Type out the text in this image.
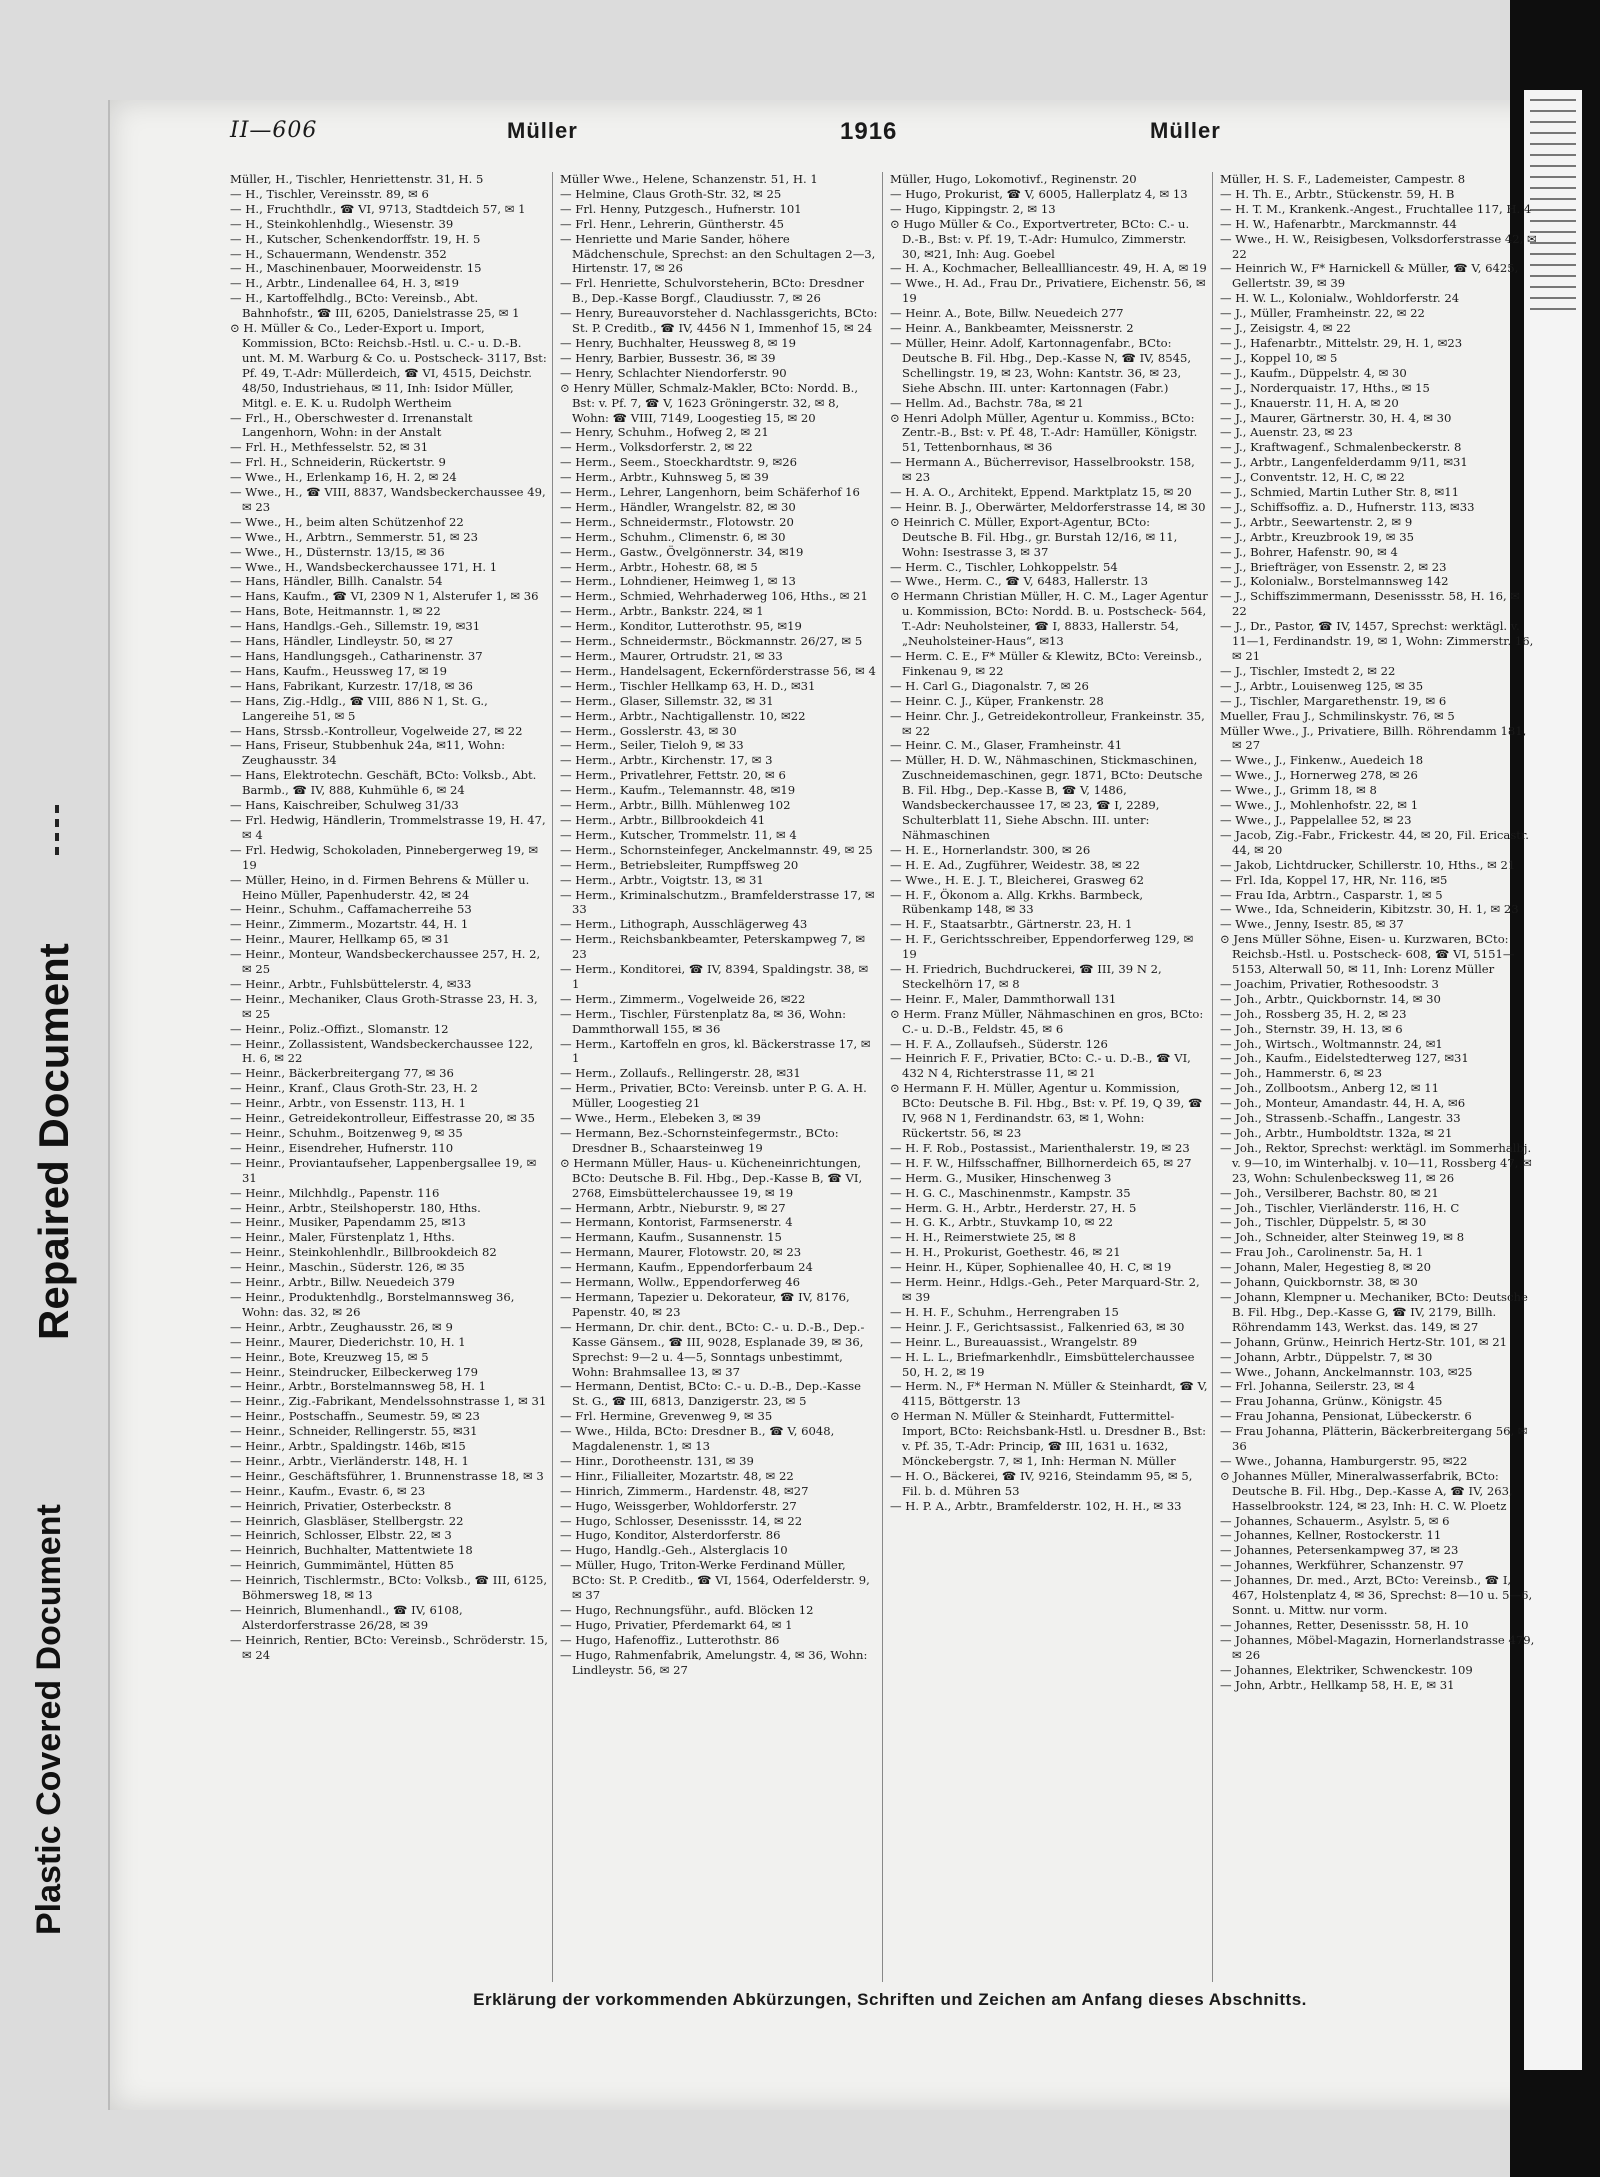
Repaired Document

Plastic Covered Document

II—606	Müller	1916	Müller

Müller, H., Tischler, Henriettenstr. 31, H. 5

— H., Tischler, Vereinsstr. 89, ✉ 6

— H., Fruchthdlr., ☎ VI, 9713, Stadtdeich 57, ✉ 1

— H., Steinkohlenhdlg., Wiesenstr. 39

— H., Kutscher, Schenkendorffstr. 19, H. 5

— H., Schauermann, Wendenstr. 352

— H., Maschinenbauer, Moorweidenstr. 15

— H., Arbtr., Lindenallee 64, H. 3, ✉19

— H., Kartoffelhdlg., BCto: Vereinsb., Abt. Bahnhofstr., ☎ III, 6205, Danielstrasse 25, ✉ 1

⊙ H. Müller & Co., Leder-Export u. Import, Kommission, BCto: Reichsb.-Hstl. u. C.- u. D.-B. unt. M. M. Warburg & Co. u. Postscheck- 3117, Bst: Pf. 49, T.-Adr: Müllerdeich, ☎ VI, 4515, Deichstr. 48/50, Industriehaus, ✉ 11, Inh: Isidor Müller, Mitgl. e. E. K. u. Rudolph Wertheim

— Frl., H., Oberschwester d. Irrenanstalt Langenhorn, Wohn: in der Anstalt

— Frl. H., Methfesselstr. 52, ✉ 31

— Frl. H., Schneiderin, Rückertstr. 9

— Wwe., H., Erlenkamp 16, H. 2, ✉ 24

— Wwe., H., ☎ VIII, 8837, Wandsbeckerchaussee 49, ✉ 23

— Wwe., H., beim alten Schützenhof 22

— Wwe., H., Arbtrn., Semmerstr. 51, ✉ 23

— Wwe., H., Düsternstr. 13/15, ✉ 36

— Wwe., H., Wandsbeckerchaussee 171, H. 1

— Hans, Händler, Billh. Canalstr. 54

— Hans, Kaufm., ☎ VI, 2309 N 1, Alsterufer 1, ✉ 36

— Hans, Bote, Heitmannstr. 1, ✉ 22

— Hans, Handlgs.-Geh., Sillemstr. 19, ✉31

— Hans, Händler, Lindleystr. 50, ✉ 27

— Hans, Handlungsgeh., Catharinenstr. 37

— Hans, Kaufm., Heussweg 17, ✉ 19

— Hans, Fabrikant, Kurzestr. 17/18, ✉ 36

— Hans, Zig.-Hdlg., ☎ VIII, 886 N 1, St. G., Langereihe 51, ✉ 5

— Hans, Strssb.-Kontrolleur, Vogelweide 27, ✉ 22

— Hans, Friseur, Stubbenhuk 24a, ✉11, Wohn: Zeughausstr. 34

— Hans, Elektrotechn. Geschäft, BCto: Volksb., Abt. Barmb., ☎ IV, 888, Kuhmühle 6, ✉ 24

— Hans, Kaischreiber, Schulweg 31/33

— Frl. Hedwig, Händlerin, Trommelstrasse 19, H. 47, ✉ 4

— Frl. Hedwig, Schokoladen, Pinnebergerweg 19, ✉ 19

— Müller, Heino, in d. Firmen Behrens & Müller u. Heino Müller, Papenhuderstr. 42, ✉ 24

— Heinr., Schuhm., Caffamacherreihe 53

— Heinr., Zimmerm., Mozartstr. 44, H. 1

— Heinr., Maurer, Hellkamp 65, ✉ 31

— Heinr., Monteur, Wandsbeckerchaussee 257, H. 2, ✉ 25

— Heinr., Arbtr., Fuhlsbüttelerstr. 4, ✉33

— Heinr., Mechaniker, Claus Groth-Strasse 23, H. 3, ✉ 25

— Heinr., Poliz.-Offizt., Slomanstr. 12

— Heinr., Zollassistent, Wandsbeckerchaussee 122, H. 6, ✉ 22

— Heinr., Bäckerbreitergang 77, ✉ 36

— Heinr., Kranf., Claus Groth-Str. 23, H. 2

— Heinr., Arbtr., von Essenstr. 113, H. 1

— Heinr., Getreidekontrolleur, Eiffestrasse 20, ✉ 35

— Heinr., Schuhm., Boitzenweg 9, ✉ 35

— Heinr., Eisendreher, Hufnerstr. 110

— Heinr., Proviantaufseher, Lappenbergsallee 19, ✉ 31

— Heinr., Milchhdlg., Papenstr. 116

— Heinr., Arbtr., Steilshoperstr. 180, Hths.

— Heinr., Musiker, Papendamm 25, ✉13

— Heinr., Maler, Fürstenplatz 1, Hths.

— Heinr., Steinkohlenhdlr., Billbrookdeich 82

— Heinr., Maschin., Süderstr. 126, ✉ 35

— Heinr., Arbtr., Billw. Neuedeich 379

— Heinr., Produktenhdlg., Borstelmannsweg 36, Wohn: das. 32, ✉ 26

— Heinr., Arbtr., Zeughausstr. 26, ✉ 9

— Heinr., Maurer, Diederichstr. 10, H. 1

— Heinr., Bote, Kreuzweg 15, ✉ 5

— Heinr., Steindrucker, Eilbeckerweg 179

— Heinr., Arbtr., Borstelmannsweg 58, H. 1

— Heinr., Zig.-Fabrikant, Mendelssohnstrasse 1, ✉ 31

— Heinr., Postschaffn., Seumestr. 59, ✉ 23

— Heinr., Schneider, Rellingerstr. 55, ✉31

— Heinr., Arbtr., Spaldingstr. 146b, ✉15

— Heinr., Arbtr., Vierländerstr. 148, H. 1

— Heinr., Geschäftsführer, 1. Brunnenstrasse 18, ✉ 3

— Heinr., Kaufm., Evastr. 6, ✉ 23

— Heinrich, Privatier, Osterbeckstr. 8

— Heinrich, Glasbläser, Stellbergstr. 22

— Heinrich, Schlosser, Elbstr. 22, ✉ 3

— Heinrich, Buchhalter, Mattentwiete 18

— Heinrich, Gummimäntel, Hütten 85

— Heinrich, Tischlermstr., BCto: Volksb., ☎ III, 6125, Böhmersweg 18, ✉ 13

— Heinrich, Blumenhandl., ☎ IV, 6108, Alsterdorferstrasse 26/28, ✉ 39

— Heinrich, Rentier, BCto: Vereinsb., Schröderstr. 15, ✉ 24

Müller Wwe., Helene, Schanzenstr. 51, H. 1

— Helmine, Claus Groth-Str. 32, ✉ 25

— Frl. Henny, Putzgesch., Hufnerstr. 101

— Frl. Henr., Lehrerin, Güntherstr. 45

— Henriette und Marie Sander, höhere Mädchenschule, Sprechst: an den Schultagen 2—3, Hirtenstr. 17, ✉ 26

— Frl. Henriette, Schulvorsteherin, BCto: Dresdner B., Dep.-Kasse Borgf., Claudiusstr. 7, ✉ 26

— Henry, Bureauvorsteher d. Nachlassgerichts, BCto: St. P. Creditb., ☎ IV, 4456 N 1, Immenhof 15, ✉ 24

— Henry, Buchhalter, Heussweg 8, ✉ 19

— Henry, Barbier, Bussestr. 36, ✉ 39

— Henry, Schlachter Niendorferstr. 90

⊙ Henry Müller, Schmalz-Makler, BCto: Nordd. B., Bst: v. Pf. 7, ☎ V, 1623 Gröningerstr. 32, ✉ 8, Wohn: ☎ VIII, 7149, Loogestieg 15, ✉ 20

— Henry, Schuhm., Hofweg 2, ✉ 21

— Herm., Volksdorferstr. 2, ✉ 22

— Herm., Seem., Stoeckhardtstr. 9, ✉26

— Herm., Arbtr., Kuhnsweg 5, ✉ 39

— Herm., Lehrer, Langenhorn, beim Schäferhof 16

— Herm., Händler, Wrangelstr. 82, ✉ 30

— Herm., Schneidermstr., Flotowstr. 20

— Herm., Schuhm., Climenstr. 6, ✉ 30

— Herm., Gastw., Övelgönnerstr. 34, ✉19

— Herm., Arbtr., Hohestr. 68, ✉ 5

— Herm., Lohndiener, Heimweg 1, ✉ 13

— Herm., Schmied, Wehrhaderweg 106, Hths., ✉ 21

— Herm., Arbtr., Bankstr. 224, ✉ 1

— Herm., Konditor, Lutterothstr. 95, ✉19

— Herm., Schneidermstr., Böckmannstr. 26/27, ✉ 5

— Herm., Maurer, Ortrudstr. 21, ✉ 33

— Herm., Handelsagent, Eckernförderstrasse 56, ✉ 4

— Herm., Tischler Hellkamp 63, H. D., ✉31

— Herm., Glaser, Sillemstr. 32, ✉ 31

— Herm., Arbtr., Nachtigallenstr. 10, ✉22

— Herm., Gosslerstr. 43, ✉ 30

— Herm., Seiler, Tieloh 9, ✉ 33

— Herm., Arbtr., Kirchenstr. 17, ✉ 3

— Herm., Privatlehrer, Fettstr. 20, ✉ 6

— Herm., Kaufm., Telemannstr. 48, ✉19

— Herm., Arbtr., Billh. Mühlenweg 102

— Herm., Arbtr., Billbrookdeich 41

— Herm., Kutscher, Trommelstr. 11, ✉ 4

— Herm., Schornsteinfeger, Anckelmannstr. 49, ✉ 25

— Herm., Betriebsleiter, Rumpffsweg 20

— Herm., Arbtr., Voigtstr. 13, ✉ 31

— Herm., Kriminalschutzm., Bramfelderstrasse 17, ✉ 33

— Herm., Lithograph, Ausschlägerweg 43

— Herm., Reichsbankbeamter, Peterskampweg 7, ✉ 23

— Herm., Konditorei, ☎ IV, 8394, Spaldingstr. 38, ✉ 1

— Herm., Zimmerm., Vogelweide 26, ✉22

— Herm., Tischler, Fürstenplatz 8a, ✉ 36, Wohn: Dammthorwall 155, ✉ 36

— Herm., Kartoffeln en gros, kl. Bäckerstrasse 17, ✉ 1

— Herm., Zollaufs., Rellingerstr. 28, ✉31

— Herm., Privatier, BCto: Vereinsb. unter P. G. A. H. Müller, Loogestieg 21

— Wwe., Herm., Elebeken 3, ✉ 39

— Hermann, Bez.-Schornsteinfegermstr., BCto: Dresdner B., Schaarsteinweg 19

⊙ Hermann Müller, Haus- u. Kücheneinrichtungen, BCto: Deutsche B. Fil. Hbg., Dep.-Kasse B, ☎ VI, 2768, Eimsbüttelerchaussee 19, ✉ 19

— Hermann, Arbtr., Nieburstr. 9, ✉ 27

— Hermann, Kontorist, Farmsenerstr. 4

— Hermann, Kaufm., Susannenstr. 15

— Hermann, Maurer, Flotowstr. 20, ✉ 23

— Hermann, Kaufm., Eppendorferbaum 24

— Hermann, Wollw., Eppendorferweg 46

— Hermann, Tapezier u. Dekorateur, ☎ IV, 8176, Papenstr. 40, ✉ 23

— Hermann, Dr. chir. dent., BCto: C.- u. D.-B., Dep.-Kasse Gänsem., ☎ III, 9028, Esplanade 39, ✉ 36, Sprechst: 9—2 u. 4—5, Sonntags unbestimmt, Wohn: Brahmsallee 13, ✉ 37

— Hermann, Dentist, BCto: C.- u. D.-B., Dep.-Kasse St. G., ☎ III, 6813, Danzigerstr. 23, ✉ 5

— Frl. Hermine, Grevenweg 9, ✉ 35

— Wwe., Hilda, BCto: Dresdner B., ☎ V, 6048, Magdalenenstr. 1, ✉ 13

— Hinr., Dorotheenstr. 131, ✉ 39

— Hinr., Filialleiter, Mozartstr. 48, ✉ 22

— Hinrich, Zimmerm., Hardenstr. 48, ✉27

— Hugo, Weissgerber, Wohldorferstr. 27

— Hugo, Schlosser, Desenissstr. 14, ✉ 22

— Hugo, Konditor, Alsterdorferstr. 86

— Hugo, Handlg.-Geh., Alsterglacis 10

— Müller, Hugo, Triton-Werke Ferdinand Müller, BCto: St. P. Creditb., ☎ VI, 1564, Oderfelderstr. 9, ✉ 37

— Hugo, Rechnungsführ., aufd. Blöcken 12

— Hugo, Privatier, Pferdemarkt 64, ✉ 1

— Hugo, Hafenoffiz., Lutterothstr. 86

— Hugo, Rahmenfabrik, Amelungstr. 4, ✉ 36, Wohn: Lindleystr. 56, ✉ 27

Müller, Hugo, Lokomotivf., Reginenstr. 20

— Hugo, Prokurist, ☎ V, 6005, Hallerplatz 4, ✉ 13

— Hugo, Kippingstr. 2, ✉ 13

⊙ Hugo Müller & Co., Exportvertreter, BCto: C.- u. D.-B., Bst: v. Pf. 19, T.-Adr: Humulco, Zimmerstr. 30, ✉21, Inh: Aug. Goebel

— H. A., Kochmacher, Belleallliancestr. 49, H. A, ✉ 19

— Wwe., H. Ad., Frau Dr., Privatiere, Eichenstr. 56, ✉ 19

— Heinr. A., Bote, Billw. Neuedeich 277

— Heinr. A., Bankbeamter, Meissnerstr. 2

— Müller, Heinr. Adolf, Kartonnagenfabr., BCto: Deutsche B. Fil. Hbg., Dep.-Kasse N, ☎ IV, 8545, Schellingstr. 19, ✉ 23, Wohn: Kantstr. 36, ✉ 23, Siehe Abschn. III. unter: Kartonnagen (Fabr.)

— Hellm. Ad., Bachstr. 78a, ✉ 21

⊙ Henri Adolph Müller, Agentur u. Kommiss., BCto: Zentr.-B., Bst: v. Pf. 48, T.-Adr: Hamüller, Königstr. 51, Tettenbornhaus, ✉ 36

— Hermann A., Bücherrevisor, Hasselbrookstr. 158, ✉ 23

— H. A. O., Architekt, Eppend. Marktplatz 15, ✉ 20

— Heinr. B. J., Oberwärter, Meldorferstrasse 14, ✉ 30

⊙ Heinrich C. Müller, Export-Agentur, BCto: Deutsche B. Fil. Hbg., gr. Burstah 12/16, ✉ 11, Wohn: Isestrasse 3, ✉ 37

— Herm. C., Tischler, Lohkoppelstr. 54

— Wwe., Herm. C., ☎ V, 6483, Hallerstr. 13

⊙ Hermann Christian Müller, H. C. M., Lager Agentur u. Kommission, BCto: Nordd. B. u. Postscheck- 564, T.-Adr: Neuholsteiner, ☎ I, 8833, Hallerstr. 54, „Neuholsteiner-Haus“, ✉13

— Herm. C. E., F* Müller & Klewitz, BCto: Vereinsb., Finkenau 9, ✉ 22

— H. Carl G., Diagonalstr. 7, ✉ 26

— Heinr. C. J., Küper, Frankenstr. 28

— Heinr. Chr. J., Getreidekontrolleur, Frankeinstr. 35, ✉ 22

— Heinr. C. M., Glaser, Framheinstr. 41

— Müller, H. D. W., Nähmaschinen, Stickmaschinen, Zuschneidemaschinen, gegr. 1871, BCto: Deutsche B. Fil. Hbg., Dep.-Kasse B, ☎ V, 1486, Wandsbeckerchaussee 17, ✉ 23, ☎ I, 2289, Schulterblatt 11, Siehe Abschn. III. unter: Nähmaschinen

— H. E., Hornerlandstr. 300, ✉ 26

— H. E. Ad., Zugführer, Weidestr. 38, ✉ 22

— Wwe., H. E. J. T., Bleicherei, Grasweg 62

— H. F., Ökonom a. Allg. Krkhs. Barmbeck, Rübenkamp 148, ✉ 33

— H. F., Staatsarbtr., Gärtnerstr. 23, H. 1

— H. F., Gerichtsschreiber, Eppendorferweg 129, ✉ 19

— H. Friedrich, Buchdruckerei, ☎ III, 39 N 2, Steckelhörn 17, ✉ 8

— Heinr. F., Maler, Dammthorwall 131

⊙ Herm. Franz Müller, Nähmaschinen en gros, BCto: C.- u. D.-B., Feldstr. 45, ✉ 6

— H. F. A., Zollaufseh., Süderstr. 126

— Heinrich F. F., Privatier, BCto: C.- u. D.-B., ☎ VI, 432 N 4, Richterstrasse 11, ✉ 21

⊙ Hermann F. H. Müller, Agentur u. Kommission, BCto: Deutsche B. Fil. Hbg., Bst: v. Pf. 19, Q 39, ☎ IV, 968 N 1, Ferdinandstr. 63, ✉ 1, Wohn: Rückertstr. 56, ✉ 23

— H. F. Rob., Postassist., Marienthalerstr. 19, ✉ 23

— H. F. W., Hilfsschaffner, Billhornerdeich 65, ✉ 27

— Herm. G., Musiker, Hinschenweg 3

— H. G. C., Maschinenmstr., Kampstr. 35

— Herm. G. H., Arbtr., Herderstr. 27, H. 5

— H. G. K., Arbtr., Stuvkamp 10, ✉ 22

— H. H., Reimerstwiete 25, ✉ 8

— H. H., Prokurist, Goethestr. 46, ✉ 21

— Heinr. H., Küper, Sophienallee 40, H. C, ✉ 19

— Herm. Heinr., Hdlgs.-Geh., Peter Marquard-Str. 2, ✉ 39

— H. H. F., Schuhm., Herrengraben 15

— Heinr. J. F., Gerichtsassist., Falkenried 63, ✉ 30

— Heinr. L., Bureauassist., Wrangelstr. 89

— H. L. L., Briefmarkenhdlr., Eimsbüttelerchaussee 50, H. 2, ✉ 19

— Herm. N., F* Herman N. Müller & Steinhardt, ☎ V, 4115, Böttgerstr. 13

⊙ Herman N. Müller & Steinhardt, Futtermittel-Import, BCto: Reichsbank-Hstl. u. Dresdner B., Bst: v. Pf. 35, T.-Adr: Princip, ☎ III, 1631 u. 1632, Mönckebergstr. 7, ✉ 1, Inh: Herman N. Müller

— H. O., Bäckerei, ☎ IV, 9216, Steindamm 95, ✉ 5, Fil. b. d. Mühren 53

— H. P. A., Arbtr., Bramfelderstr. 102, H. H., ✉ 33

Müller, H. S. F., Lademeister, Campestr. 8

— H. Th. E., Arbtr., Stückenstr. 59, H. B

— H. T. M., Krankenk.-Angest., Fruchtallee 117, H. 4

— H. W., Hafenarbtr., Marckmannstr. 44

— Wwe., H. W., Reisigbesen, Volksdorferstrasse 42, ✉ 22

— Heinrich W., F* Harnickell & Müller, ☎ V, 6425, Gellertstr. 39, ✉ 39

— H. W. L., Kolonialw., Wohldorferstr. 24

— J., Müller, Framheinstr. 22, ✉ 22

— J., Zeisigstr. 4, ✉ 22

— J., Hafenarbtr., Mittelstr. 29, H. 1, ✉23

— J., Koppel 10, ✉ 5

— J., Kaufm., Düppelstr. 4, ✉ 30

— J., Norderquaistr. 17, Hths., ✉ 15

— J., Knauerstr. 11, H. A, ✉ 20

— J., Maurer, Gärtnerstr. 30, H. 4, ✉ 30

— J., Auenstr. 23, ✉ 23

— J., Kraftwagenf., Schmalenbeckerstr. 8

— J., Arbtr., Langenfelderdamm 9/11, ✉31

— J., Conventstr. 12, H. C, ✉ 22

— J., Schmied, Martin Luther Str. 8, ✉11

— J., Schiffsoffiz. a. D., Hufnerstr. 113, ✉33

— J., Arbtr., Seewartenstr. 2, ✉ 9

— J., Arbtr., Kreuzbrook 19, ✉ 35

— J., Bohrer, Hafenstr. 90, ✉ 4

— J., Briefträger, von Essenstr. 2, ✉ 23

— J., Kolonialw., Borstelmannsweg 142

— J., Schiffszimmermann, Desenissstr. 58, H. 16, ✉ 22

— J., Dr., Pastor, ☎ IV, 1457, Sprechst: werktägl. v. 11—1, Ferdinandstr. 19, ✉ 1, Wohn: Zimmerstr. 16, ✉ 21

— J., Tischler, Imstedt 2, ✉ 22

— J., Arbtr., Louisenweg 125, ✉ 35

— J., Tischler, Margarethenstr. 19, ✉ 6

Mueller, Frau J., Schmilinskystr. 76, ✉ 5

Müller Wwe., J., Privatiere, Billh. Röhrendamm 181, ✉ 27

— Wwe., J., Finkenw., Auedeich 18

— Wwe., J., Hornerweg 278, ✉ 26

— Wwe., J., Grimm 18, ✉ 8

— Wwe., J., Mohlenhofstr. 22, ✉ 1

— Wwe., J., Pappelallee 52, ✉ 23

— Jacob, Zig.-Fabr., Frickestr. 44, ✉ 20, Fil. Ericastr. 44, ✉ 20

— Jakob, Lichtdrucker, Schillerstr. 10, Hths., ✉ 21

— Frl. Ida, Koppel 17, HR, Nr. 116, ✉5

— Frau Ida, Arbtrn., Casparstr. 1, ✉ 5

— Wwe., Ida, Schneiderin, Kibitzstr. 30, H. 1, ✉ 23

— Wwe., Jenny, Isestr. 85, ✉ 37

⊙ Jens Müller Söhne, Eisen- u. Kurzwaren, BCto: Reichsb.-Hstl. u. Postscheck- 608, ☎ VI, 5151—5153, Alterwall 50, ✉ 11, Inh: Lorenz Müller

— Joachim, Privatier, Rothesoodstr. 3

— Joh., Arbtr., Quickbornstr. 14, ✉ 30

— Joh., Rossberg 35, H. 2, ✉ 23

— Joh., Sternstr. 39, H. 13, ✉ 6

— Joh., Wirtsch., Woltmannstr. 24, ✉1

— Joh., Kaufm., Eidelstedterweg 127, ✉31

— Joh., Hammerstr. 6, ✉ 23

— Joh., Zollbootsm., Anberg 12, ✉ 11

— Joh., Monteur, Amandastr. 44, H. A, ✉6

— Joh., Strassenb.-Schaffn., Langestr. 33

— Joh., Arbtr., Humboldtstr. 132a, ✉ 21

— Joh., Rektor, Sprechst: werktägl. im Sommerhalbj. v. 9—10, im Winterhalbj. v. 10—11, Rossberg 47, ✉ 23, Wohn: Schulenbecksweg 11, ✉ 26

— Joh., Versilberer, Bachstr. 80, ✉ 21

— Joh., Tischler, Vierländerstr. 116, H. C

— Joh., Tischler, Düppelstr. 5, ✉ 30

— Joh., Schneider, alter Steinweg 19, ✉ 8

— Frau Joh., Carolinenstr. 5a, H. 1

— Johann, Maler, Hegestieg 8, ✉ 20

— Johann, Quickbornstr. 38, ✉ 30

— Johann, Klempner u. Mechaniker, BCto: Deutsche B. Fil. Hbg., Dep.-Kasse G, ☎ IV, 2179, Billh. Röhrendamm 143, Werkst. das. 149, ✉ 27

— Johann, Grünw., Heinrich Hertz-Str. 101, ✉ 21

— Johann, Arbtr., Düppelstr. 7, ✉ 30

— Wwe., Johann, Anckelmannstr. 103, ✉25

— Frl. Johanna, Seilerstr. 23, ✉ 4

— Frau Johanna, Grünw., Königstr. 45

— Frau Johanna, Pensionat, Lübeckerstr. 6

— Frau Johanna, Plätterin, Bäckerbreitergang 56, ✉ 36

— Wwe., Johanna, Hamburgerstr. 95, ✉22

⊙ Johannes Müller, Mineralwasserfabrik, BCto: Deutsche B. Fil. Hbg., Dep.-Kasse A, ☎ IV, 263, Hasselbrookstr. 124, ✉ 23, Inh: H. C. W. Ploetz

— Johannes, Schauerm., Asylstr. 5, ✉ 6

— Johannes, Kellner, Rostockerstr. 11

— Johannes, Petersenkampweg 37, ✉ 23

— Johannes, Werkführer, Schanzenstr. 97

— Johannes, Dr. med., Arzt, BCto: Vereinsb., ☎ I, 467, Holstenplatz 4, ✉ 36, Sprechst: 8—10 u. 5—6, Sonnt. u. Mittw. nur vorm.

— Johannes, Retter, Desenissstr. 58, H. 10

— Johannes, Möbel-Magazin, Hornerlandstrasse 479, ✉ 26

— Johannes, Elektriker, Schwenckestr. 109

— John, Arbtr., Hellkamp 58, H. E, ✉ 31

Erklärung der vorkommenden Abkürzungen, Schriften und Zeichen am Anfang dieses Abschnitts.
